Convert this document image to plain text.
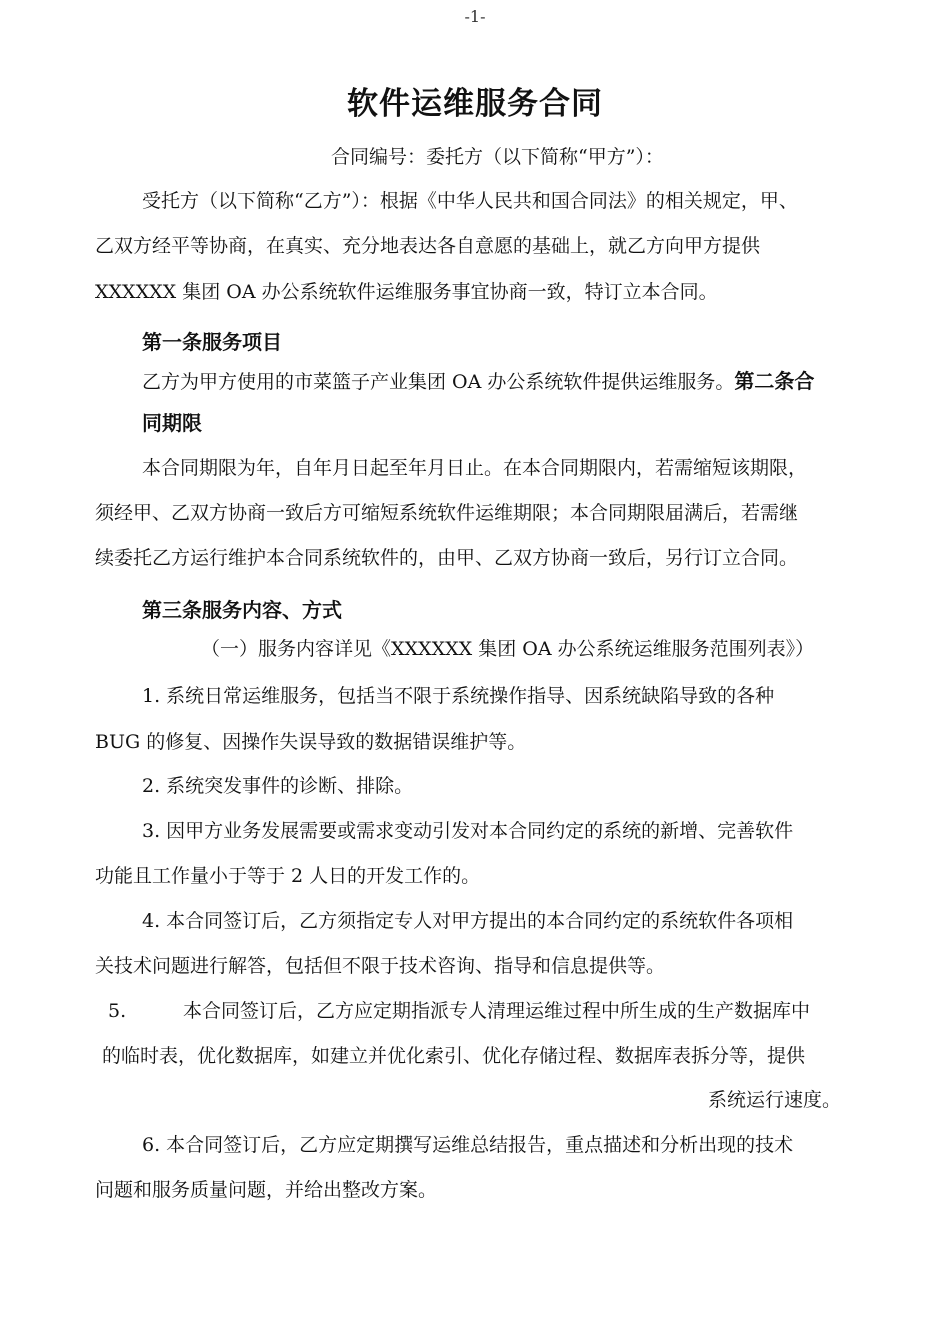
-1-
软件运维服务合同
合同编号：委托方（以下简称“甲方”）：
受托方（以下简称“乙方”）：根据《中华人民共和国合同法》的相关规定，甲、
乙双方经平等协商，在真实、充分地表达各自意愿的基础上，就乙方向甲方提供
XXXXXX 集团 OA 办公系统软件运维服务事宜协商一致，特订立本合同。
第一条服务项目
乙方为甲方使用的市菜篮子产业集团 OA 办公系统软件提供运维服务。第二条合
同期限
本合同期限为年，自年月日起至年月日止。在本合同期限内，若需缩短该期限，
须经甲、乙双方协商一致后方可缩短系统软件运维期限；本合同期限届满后，若需继
续委托乙方运行维护本合同系统软件的，由甲、乙双方协商一致后，另行订立合同。
第三条服务内容、方式
（一）服务内容详见《XXXXXX 集团 OA 办公系统运维服务范围列表》）
1. 系统日常运维服务，包括当不限于系统操作指导、因系统缺陷导致的各种
BUG 的修复、因操作失误导致的数据错误维护等。
2. 系统突发事件的诊断、排除。
3. 因甲方业务发展需要或需求变动引发对本合同约定的系统的新增、完善软件
功能且工作量小于等于 2 人日的开发工作的。
4. 本合同签订后，乙方须指定专人对甲方提出的本合同约定的系统软件各项相
关技术问题进行解答，包括但不限于技术咨询、指导和信息提供等。
5.	本合同签订后，乙方应定期指派专人清理运维过程中所生成的生产数据库中
的临时表，优化数据库，如建立并优化索引、优化存储过程、数据库表拆分等，提供
系统运行速度。
6. 本合同签订后，乙方应定期撰写运维总结报告，重点描述和分析出现的技术
问题和服务质量问题，并给出整改方案。
